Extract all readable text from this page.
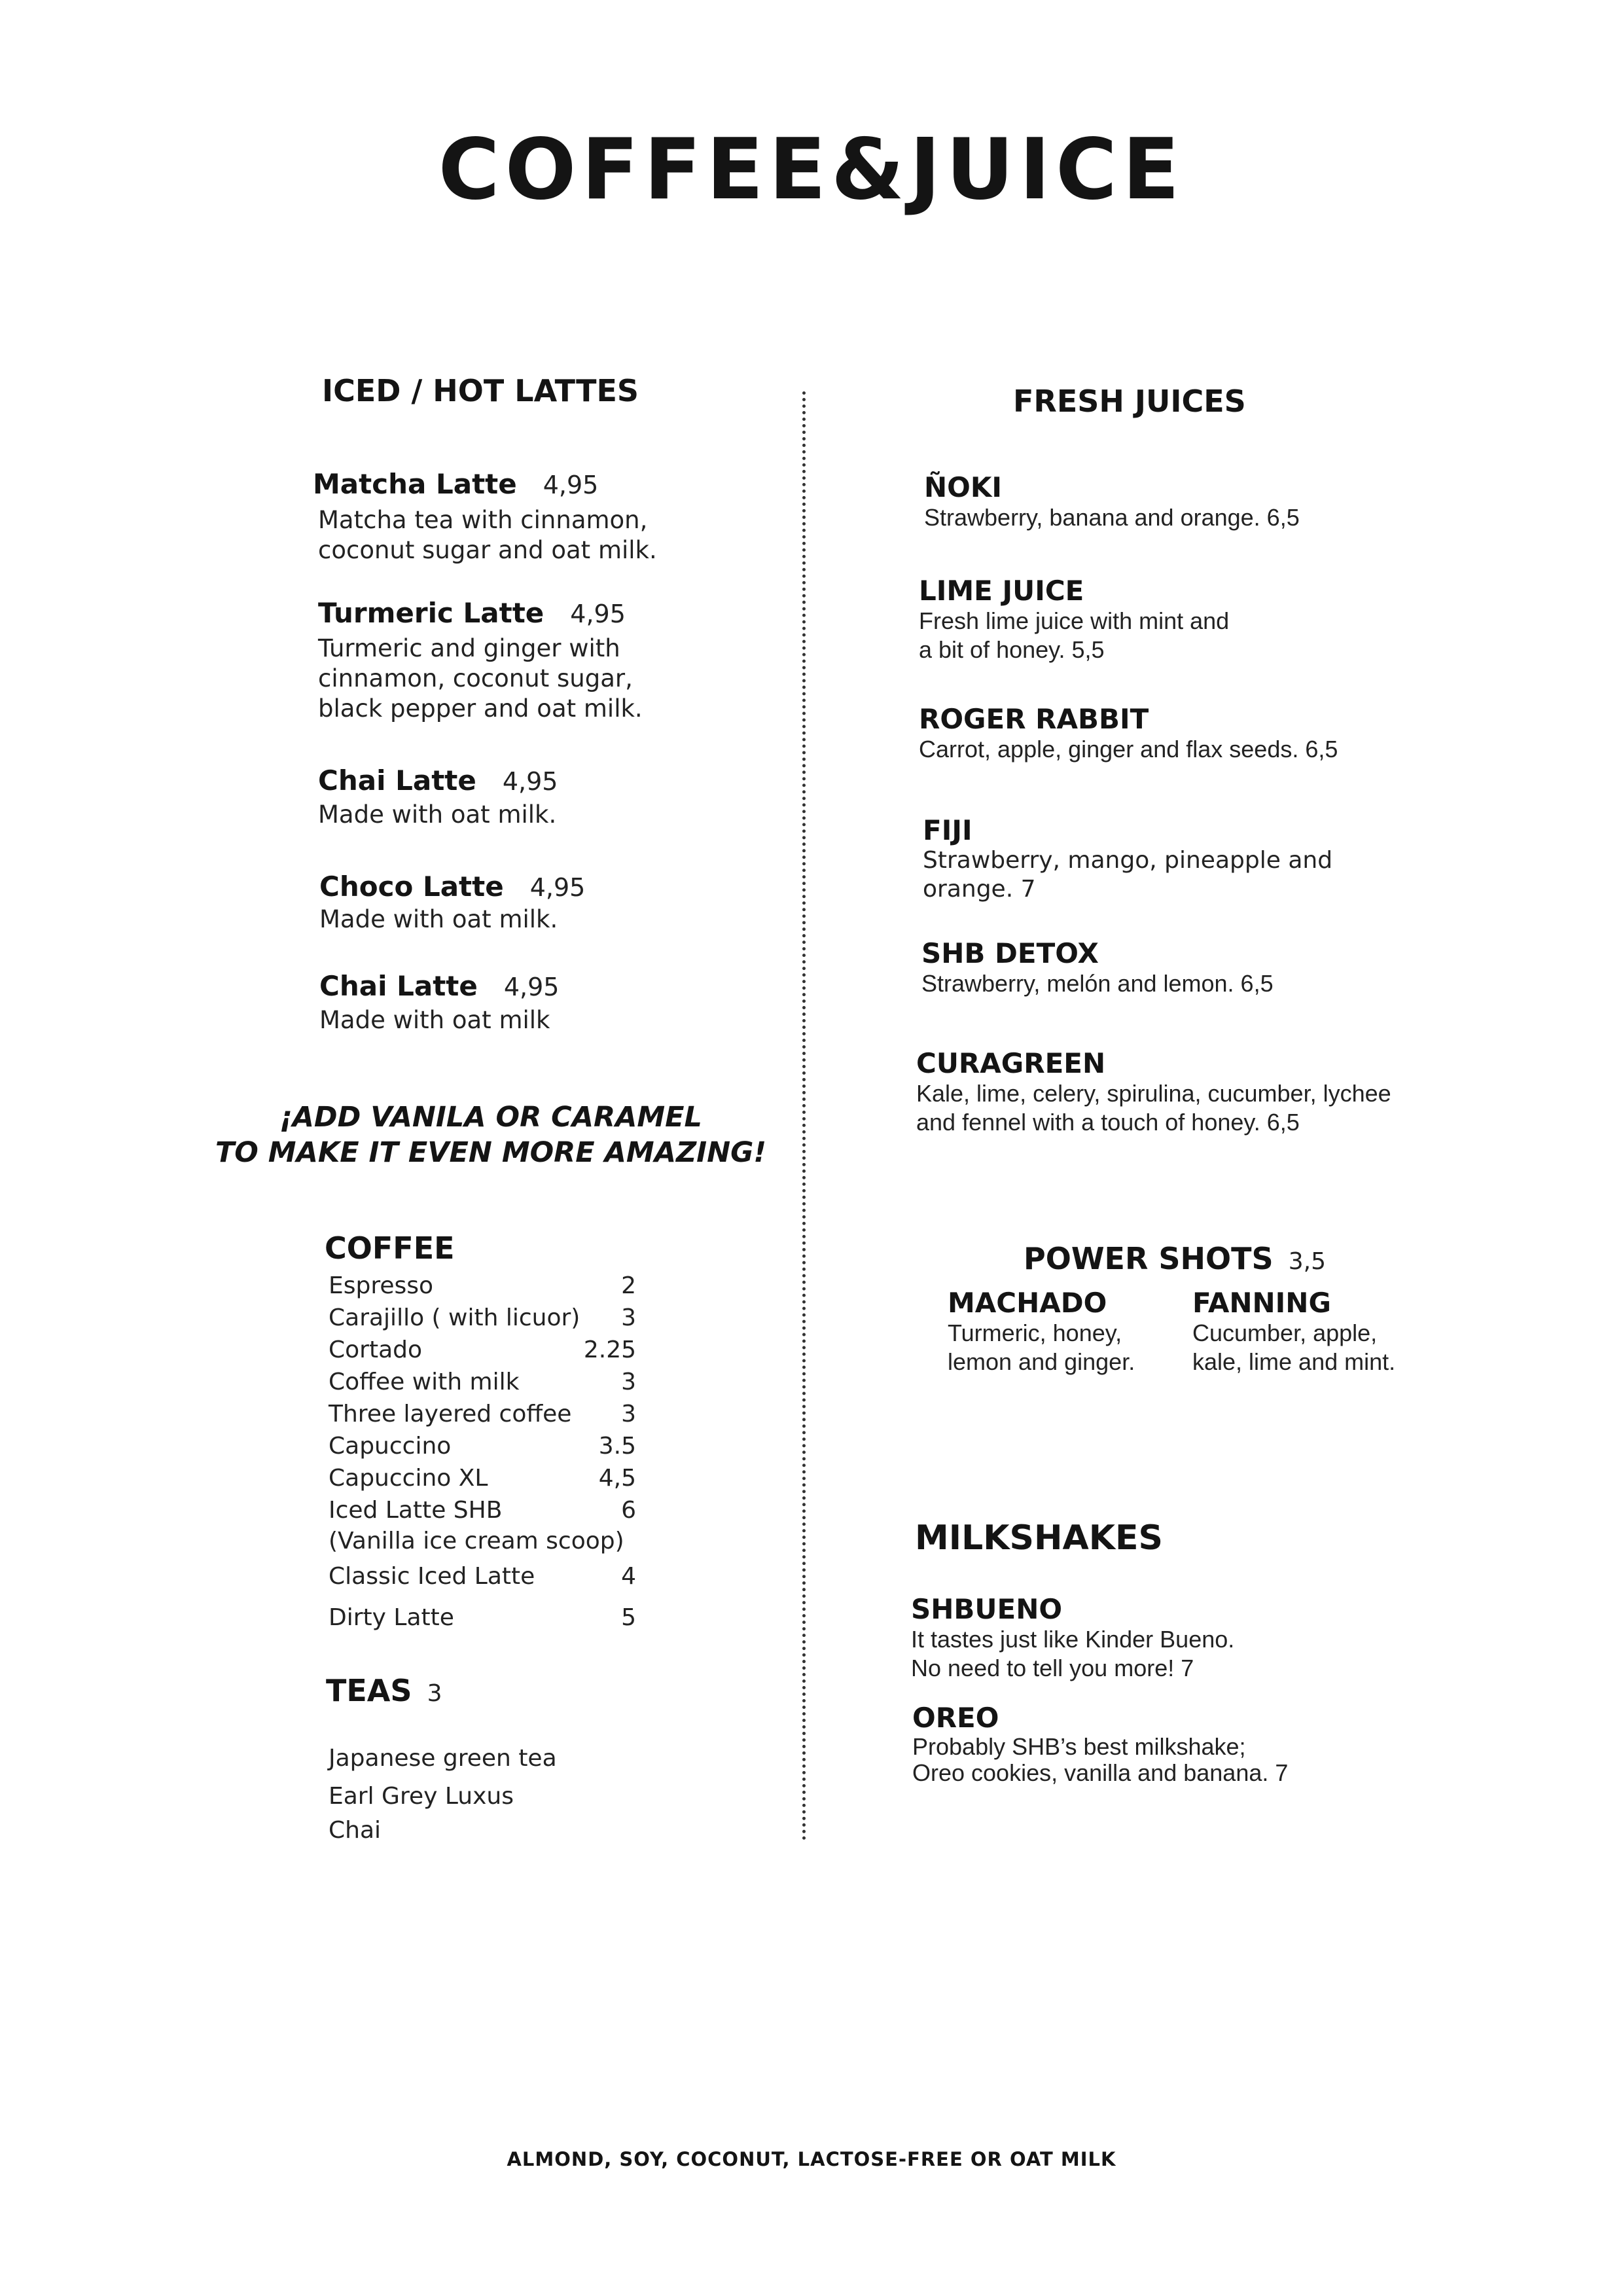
COFFEE&JUICE
ICED / HOT LATTES
Matcha Latte 4,95
Matcha tea with cinnamon,
coconut sugar and oat milk.
Turmeric Latte 4,95
Turmeric and ginger with
cinnamon, coconut sugar,
black pepper and oat milk.
Chai Latte 4,95
Made with oat milk.
Choco Latte 4,95
Made with oat milk.
Chai Latte 4,95
Made with oat milk
¡ADD VANILA OR CARAMEL
TO MAKE IT EVEN MORE AMAZING!
COFFEE
Espresso	2
Carajillo ( with licuor) 3
Cortado	2.25
Coffee with milk	3
Three layered coffee 3
Capuccino	3.5
Capuccino XL	4,5
Iced Latte SHB	6
(Vanilla ice cream scoop)
Classic Iced Latte	4
Dirty Latte	5
TEAS 3
Japanese green tea
Earl Grey Luxus
Chai
FRESH JUICES
ÑOKI
Strawberry, banana and orange. 6,5
LIME JUICE
Fresh lime juice with mint and
a bit of honey. 5,5
ROGER RABBIT
Carrot, apple, ginger and flax seeds. 6,5
FIJI
Strawberry, mango, pineapple and
orange. 7
SHB DETOX
Strawberry, melón and lemon. 6,5
CURAGREEN
Kale, lime, celery, spirulina, cucumber, lychee
and fennel with a touch of honey. 6,5
POWER SHOTS 3,5
MACHADO
Turmeric, honey,
lemon and ginger.
FANNING
Cucumber, apple,
kale, lime and mint.
MILKSHAKES
SHBUENO
It tastes just like Kinder Bueno.
No need to tell you more! 7
OREO
Probably SHB’s best milkshake;
Oreo cookies, vanilla and banana. 7
ALMOND, SOY, COCONUT, LACTOSE-FREE OR OAT MILK
